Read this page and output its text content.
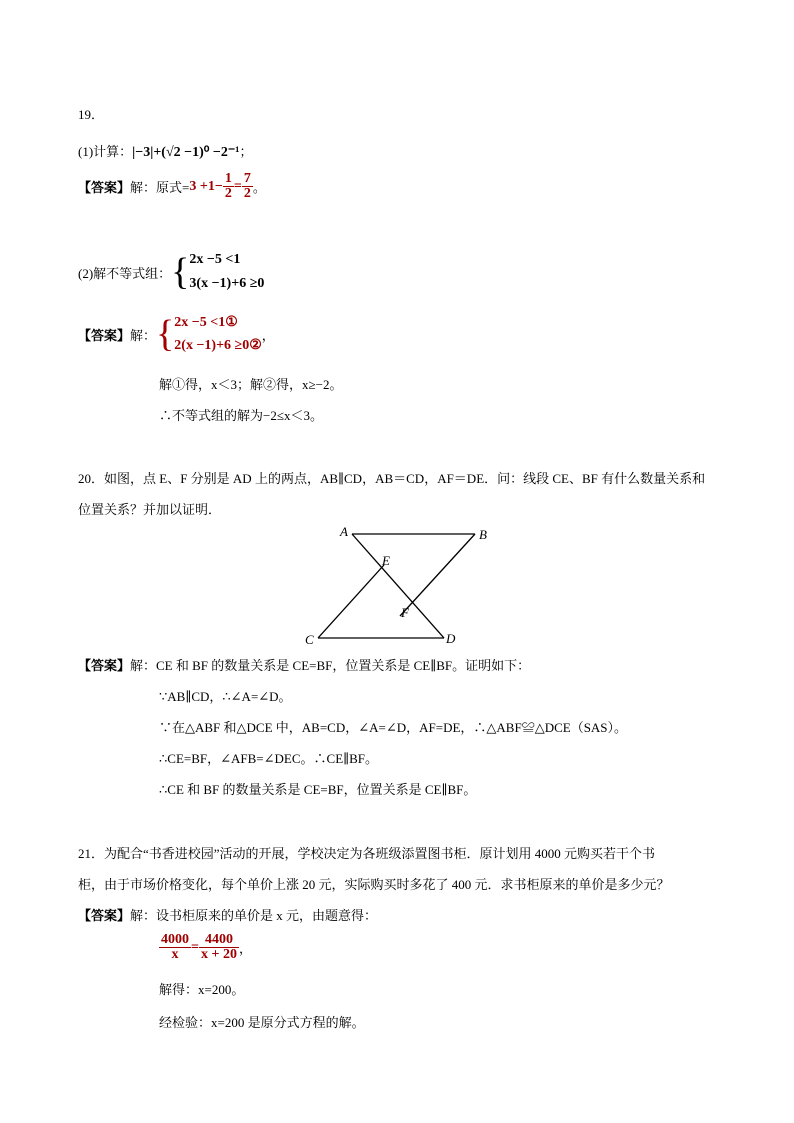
19．
(1)计算：|−3|+(√2 −1)⁰ −2⁻¹；
【答案】 解：原式= $3 +1- \frac{1}{2} = \frac{7}{2}$ 。
(2)解不等式组： { 2x −5 <1
3(x −1)+6 ≥0
【答案】 解： { 2x −5 <1①
2(x −1)+6 ≥0②
，
解①得，x＜3；解②得，x≥−2。
∴不等式组的解为−2≤x＜3。
20．如图，点 E、F 分别是 AD 上的两点，AB∥CD，AB＝CD，AF＝DE．问：线段 CE、BF 有什么数量关系和
位置关系？并加以证明．
A	B
E
F
C	D
【答案】解：CE 和 BF 的数量关系是 CE=BF，位置关系是 CE∥BF。证明如下：
∵AB∥CD，∴∠A=∠D。
∵在△ABF 和△DCE 中，AB=CD，∠A=∠D，AF=DE，∴△ABF≌△DCE（SAS）。
∴CE=BF，∠AFB=∠DEC。∴CE∥BF。
∴CE 和 BF 的数量关系是 CE=BF，位置关系是 CE∥BF。
21．为配合“书香进校园”活动的开展，学校决定为各班级添置图书柜．原计划用 4000 元购买若干个书
柜，由于市场价格变化，每个单价上涨 20 元，实际购买时多花了 400 元．求书柜原来的单价是多少元？
【答案】解：设书柜原来的单价是 x 元，由题意得：
$\frac{4000}{x} = \frac{4400}{x + 20}$ ，
解得：x=200。
经检验：x=200 是原分式方程的解。
